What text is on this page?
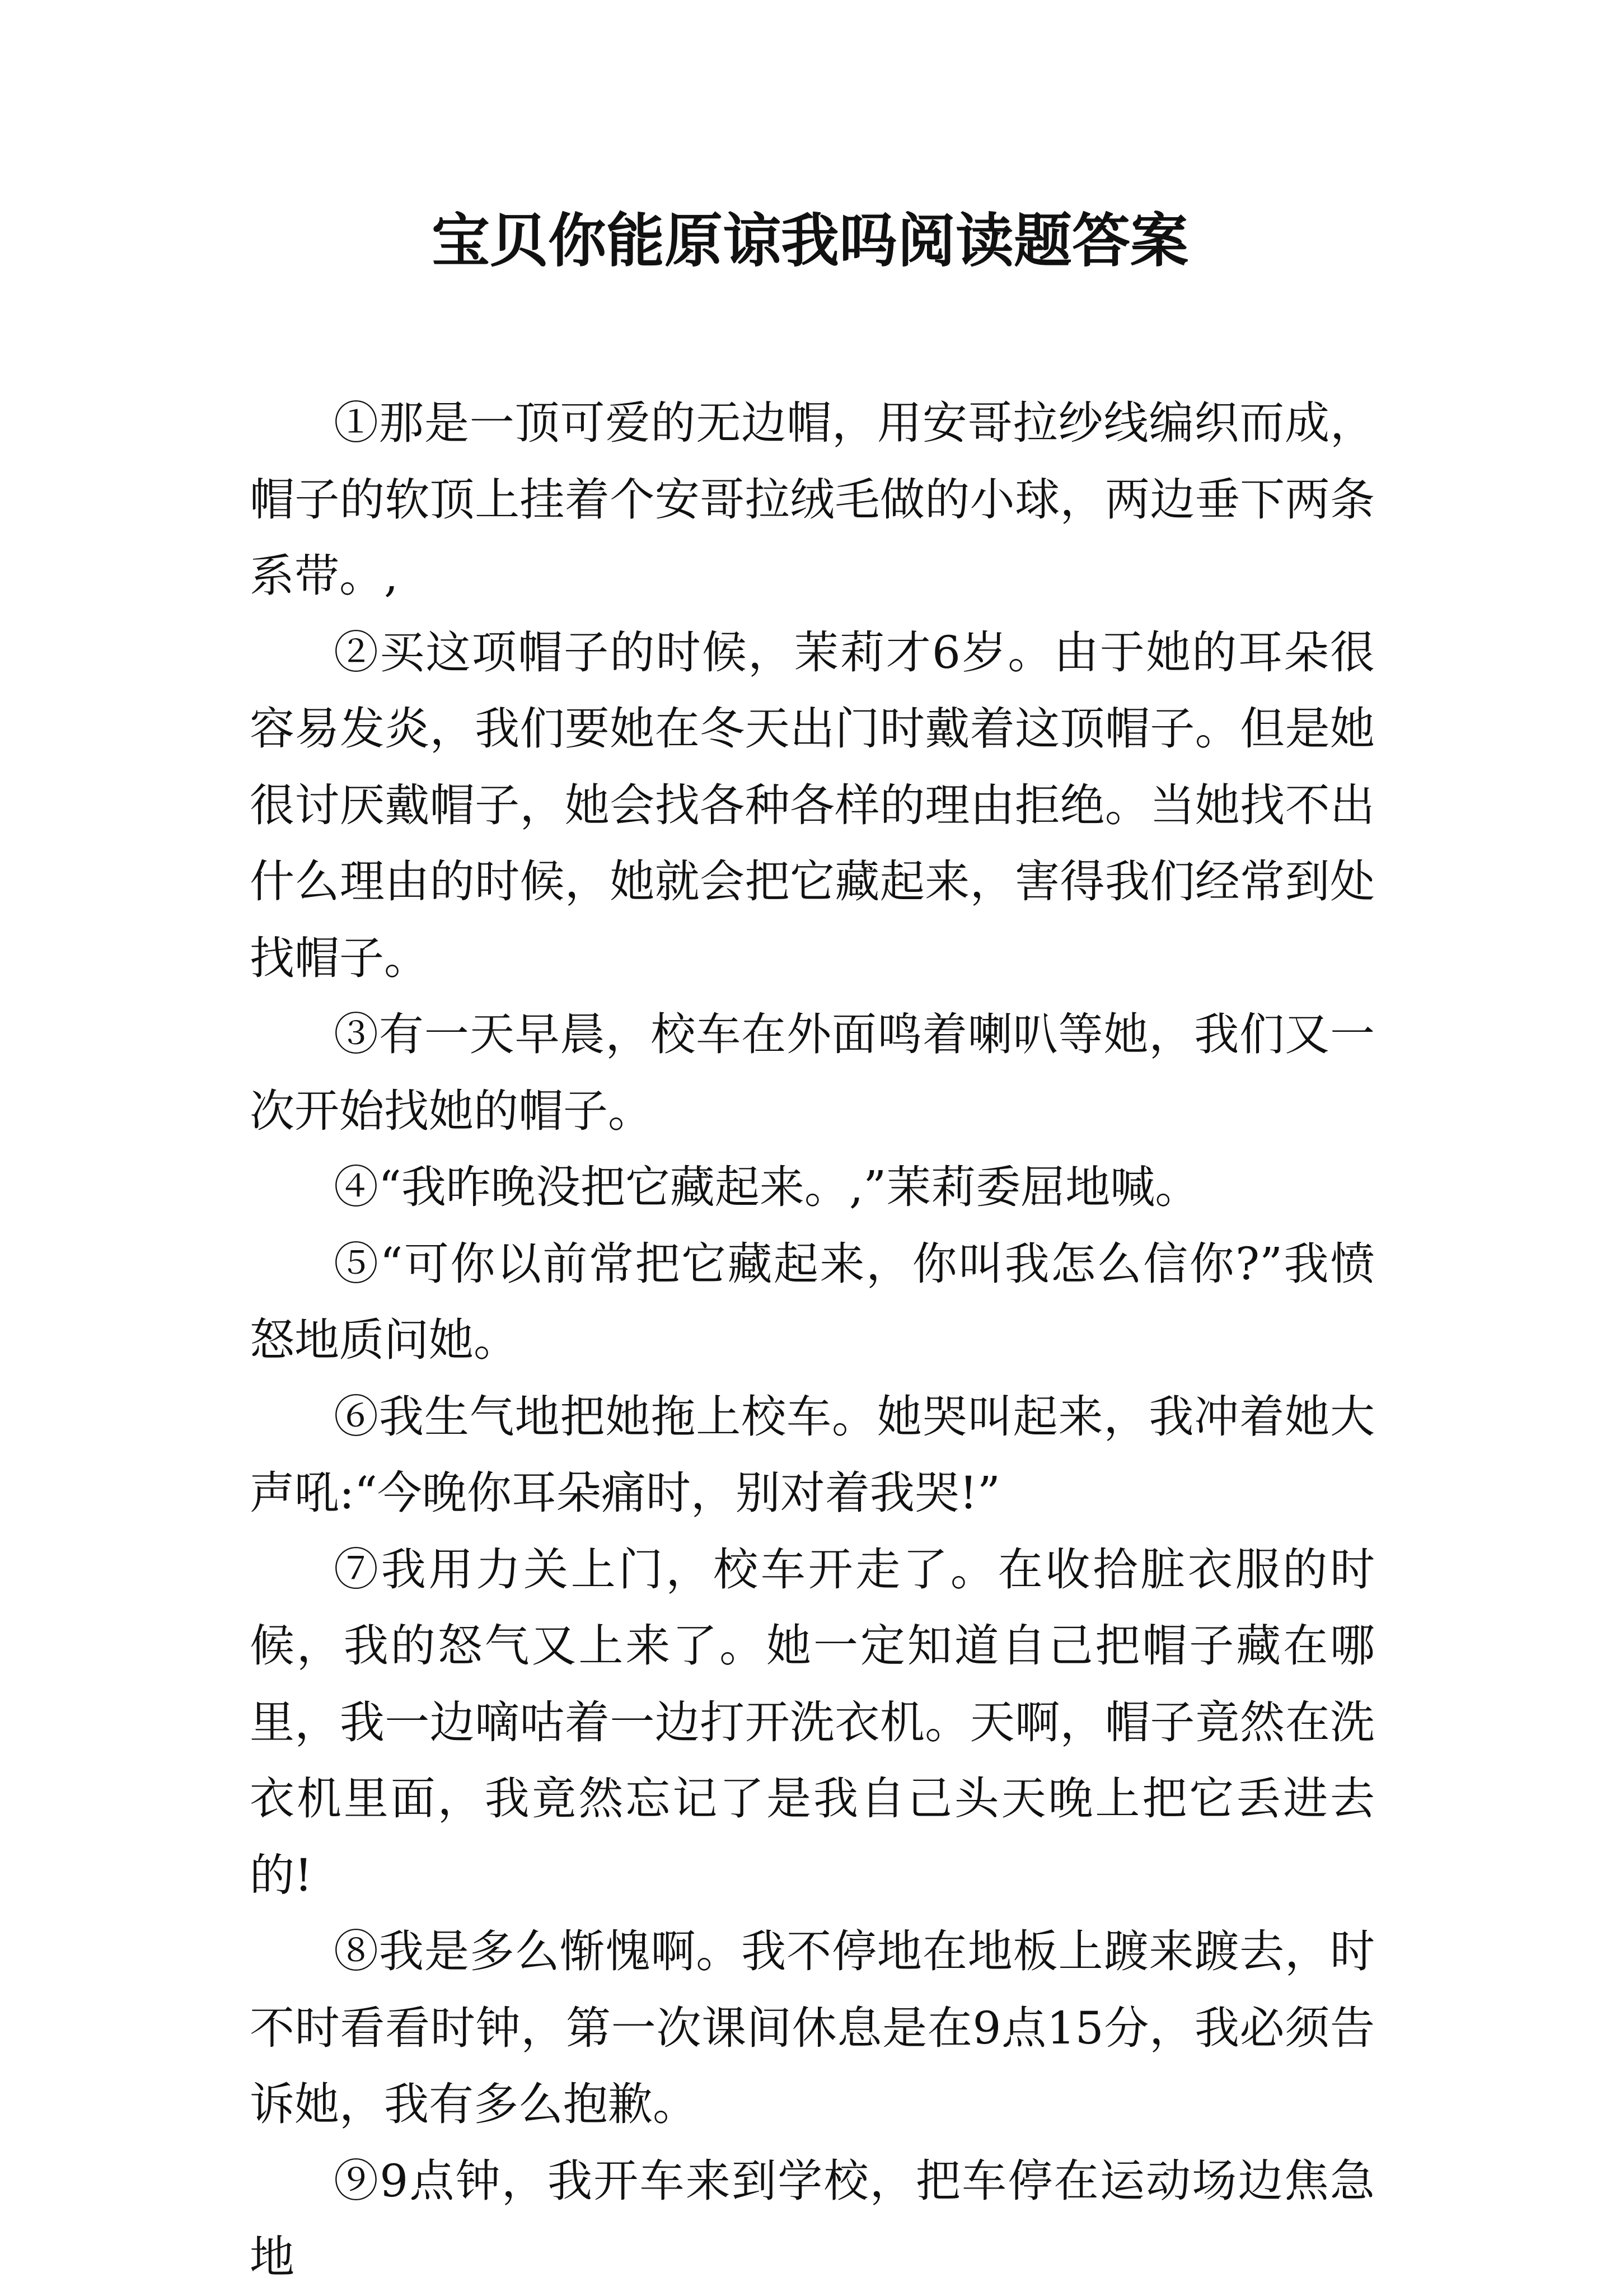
宝贝你能原谅我吗阅读题答案

①那是一顶可爱的无边帽，用安哥拉纱线编织而成，帽子的软顶上挂着个安哥拉绒毛做的小球，两边垂下两条系带。,

②买这项帽子的时候，茉莉才6岁。由于她的耳朵很容易发炎，我们要她在冬天出门时戴着这顶帽子。但是她很讨厌戴帽子，她会找各种各样的理由拒绝。当她找不出什么理由的时候，她就会把它藏起来，害得我们经常到处找帽子。

③有一天早晨，校车在外面鸣着喇叭等她，我们又一次开始找她的帽子。

④“我昨晚没把它藏起来。,”茉莉委屈地喊。

⑤“可你以前常把它藏起来，你叫我怎么信你?”我愤怒地质问她。

⑥我生气地把她拖上校车。她哭叫起来，我冲着她大声吼:“今晚你耳朵痛时，别对着我哭!”

⑦我用力关上门，校车开走了。在收拾脏衣服的时候，我的怒气又上来了。她一定知道自己把帽子藏在哪里，我一边嘀咕着一边打开洗衣机。天啊，帽子竟然在洗衣机里面，我竟然忘记了是我自己头天晚上把它丢进去的!

⑧我是多么惭愧啊。我不停地在地板上踱来踱去，时不时看看时钟，第一次课间休息是在9点15分，我必须告诉她，我有多么抱歉。

⑨9点钟，我开车来到学校，把车停在运动场边焦急地
